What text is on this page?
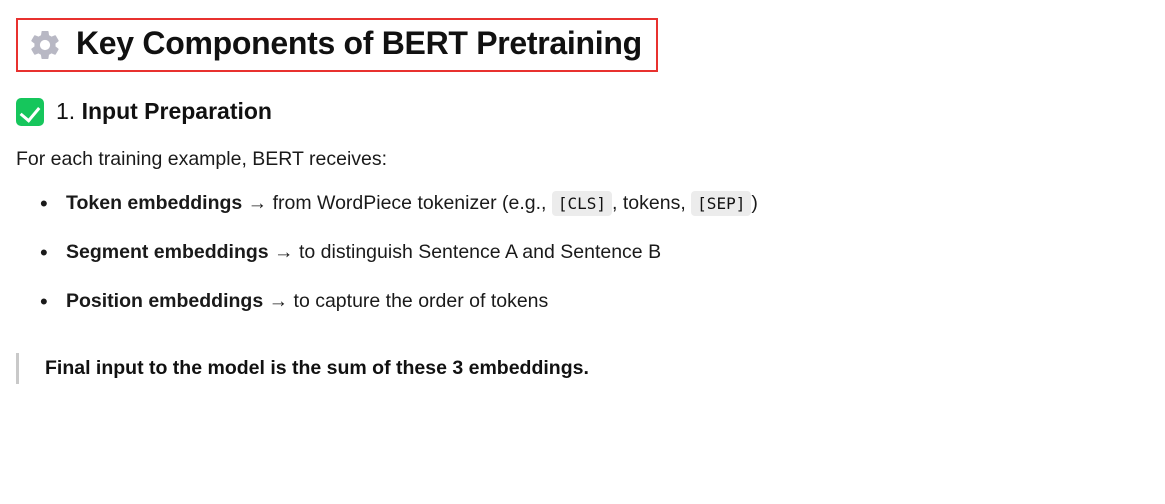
Key Components of BERT Pretraining
1. Input Preparation

For each training example, BERT receives:

• Token embeddings → from WordPiece tokenizer (e.g., [CLS] , tokens, [SEP] )
• Segment embeddings → to distinguish Sentence A and Sentence B
• Position embeddings → to capture the order of tokens
Final input to the model is the sum of these 3 embeddings.
